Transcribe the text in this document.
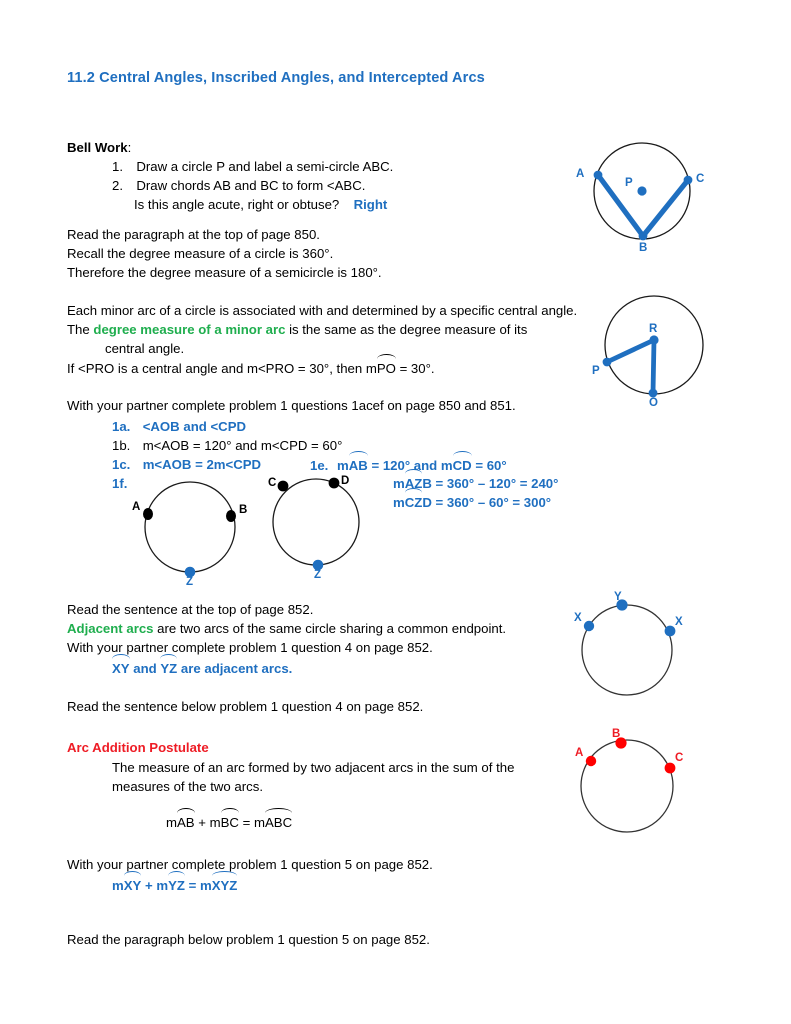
11.2 Central Angles, Inscribed Angles, and Intercepted Arcs
Bell Work:
1. Draw a circle P and label a semi-circle ABC.
2. Draw chords AB and BC to form <ABC.
Is this angle acute, right or obtuse? Right
A
P	C
B
Read the paragraph at the top of page 850.
Recall the degree measure of a circle is 360°.
Therefore the degree measure of a semicircle is 180°.
Each minor arc of a circle is associated with and determined by a specific central angle.
The degree measure of a minor arc is the same as the degree measure of its
central angle.
If <PRO is a central angle and m<PRO = 30°, then m
PO = 30°.
R
P
O
With your partner complete problem 1 questions 1acef on page 850 and 851.
1a. <AOB and <CPD
1b. m<AOB = 120° and m<CPD = 60°
1c. m<AOB = 2m<CPD	1e. m
AB = 120° and m
CD = 60°
1f.	m
AZB = 360° – 120° = 240°
m
CZD = 360° – 60° = 300°
A	B
Z
C	D
Z
Read the sentence at the top of page 852.
Adjacent arcs are two arcs of the same circle sharing a common endpoint.
With your partner complete problem 1 question 4 on page 852.
XY and
YZ are adjacent arcs.
Read the sentence below problem 1 question 4 on page 852.
X
Y
X
Arc Addition Postulate
The measure of an arc formed by two adjacent arcs in the sum of the
measures of the two arcs.
m
AB + m
BC = m
ABC
A
B
C
With your partner complete problem 1 question 5 on page 852.
m
XY + m
YZ = m
XYZ
Read the paragraph below problem 1 question 5 on page 852.
